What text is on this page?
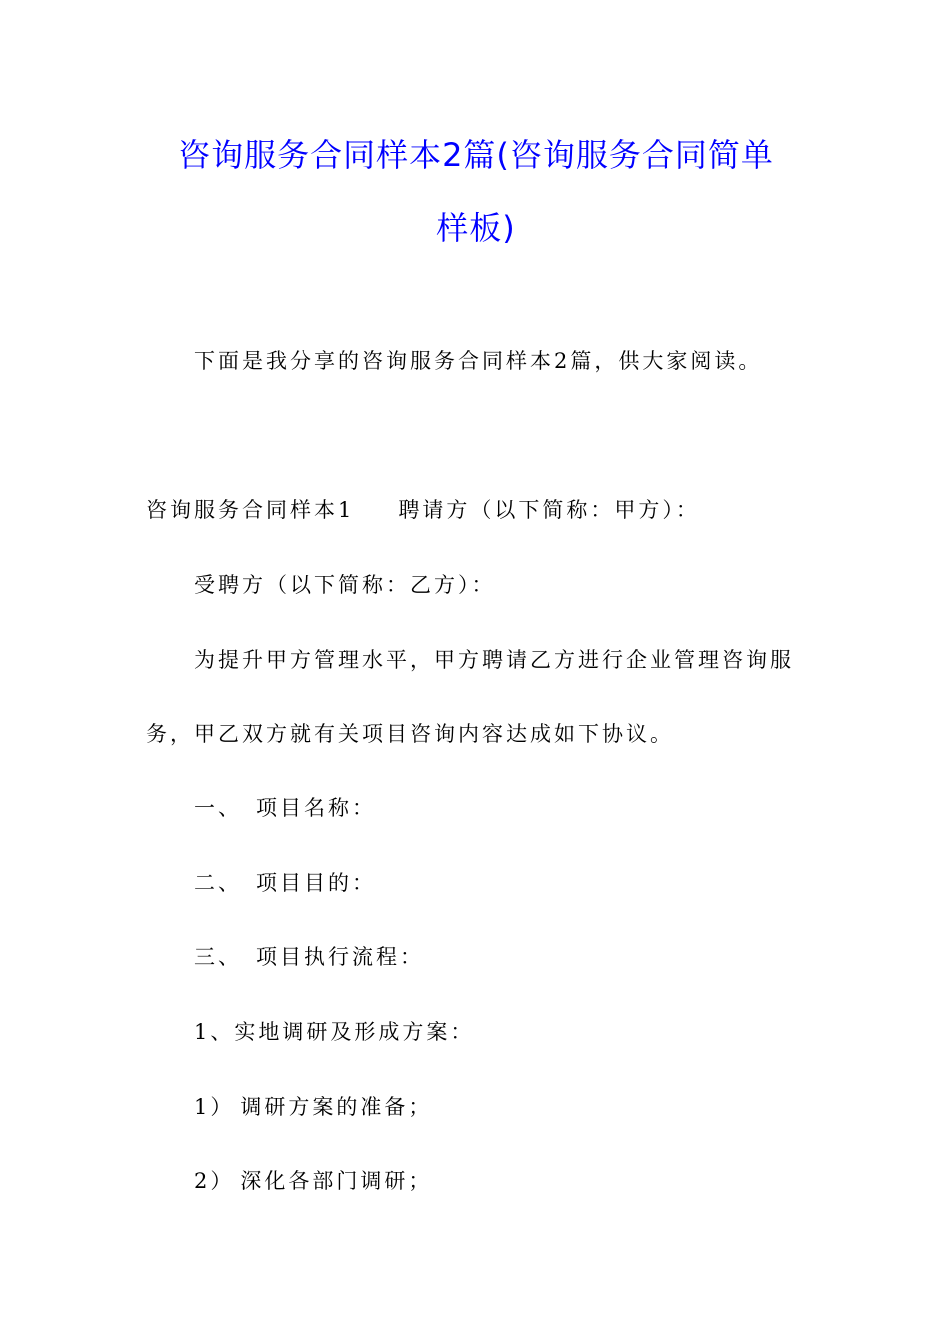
咨询服务合同样本2篇(咨询服务合同简单
样板)
下面是我分享的咨询服务合同样本2篇，供大家阅读。
咨询服务合同样本1 聘请方（以下简称：甲方）：
受聘方（以下简称：乙方）：
为提升甲方管理水平，甲方聘请乙方进行企业管理咨询服
务，甲乙双方就有关项目咨询内容达成如下协议。
一、 项目名称：
二、 项目目的：
三、 项目执行流程：
1、实地调研及形成方案：
1） 调研方案的准备；
2） 深化各部门调研；
